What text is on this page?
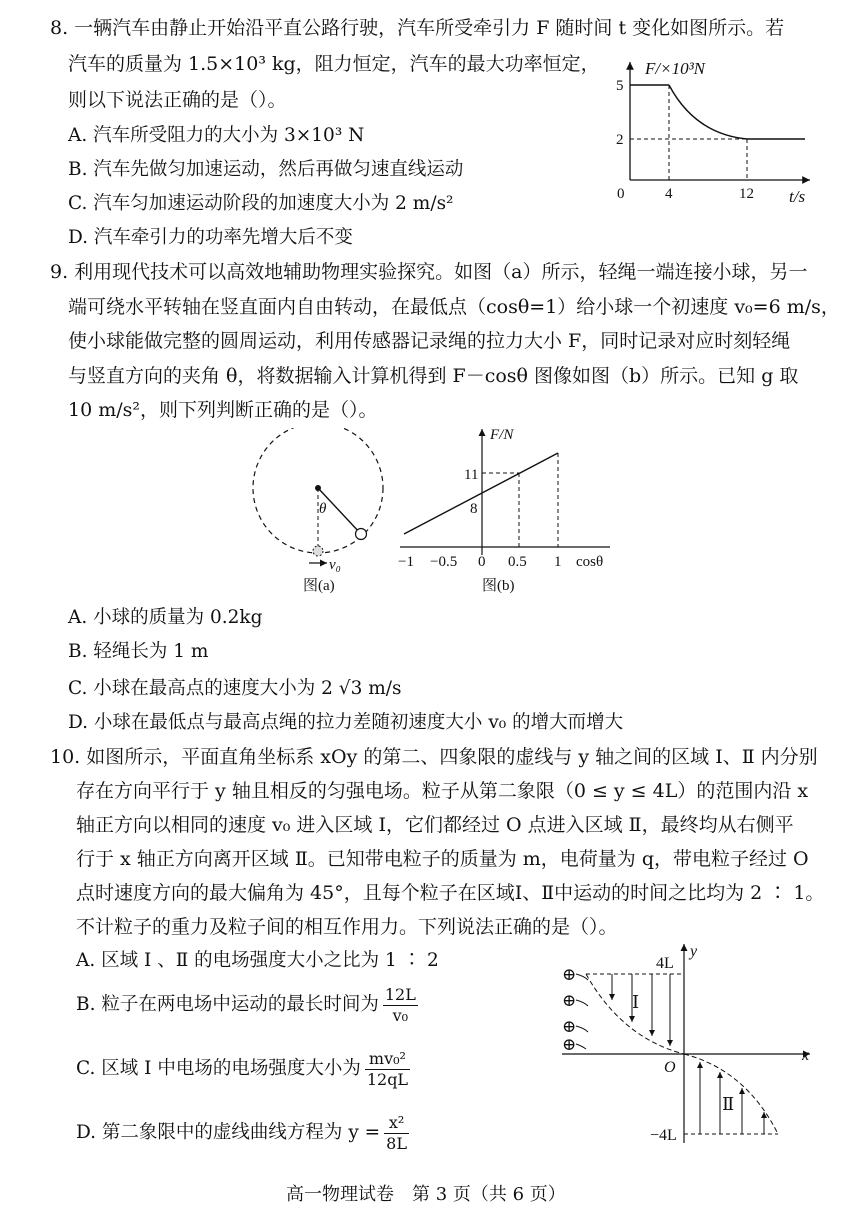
8. 一辆汽车由静止开始沿平直公路行驶，汽车所受牵引力 F 随时间 t 变化如图所示。若
汽车的质量为 1.5×10³ kg，阻力恒定，汽车的最大功率恒定，
则以下说法正确的是（）。
A. 汽车所受阻力的大小为 3×10³ N
B. 汽车先做匀加速运动，然后再做匀速直线运动
C. 汽车匀加速运动阶段的加速度大小为 2 m/s²
D. 汽车牵引力的功率先增大后不变
F/×10³N
t/s
0
5
2
4	12
9. 利用现代技术可以高效地辅助物理实验探究。如图（a）所示，轻绳一端连接小球，另一
端可绕水平转轴在竖直面内自由转动，在最低点（cosθ=1）给小球一个初速度 v₀=6 m/s，
使小球能做完整的圆周运动，利用传感器记录绳的拉力大小 F，同时记录对应时刻轻绳
与竖直方向的夹角 θ，将数据输入计算机得到 F－cosθ 图像如图（b）所示。已知 g 取
10 m/s²，则下列判断正确的是（）。
θ
v₀
图(a)
F/N
cosθ
11
8
−1 −0.5 0 0.5 1
图(b)
A. 小球的质量为 0.2kg
B. 轻绳长为 1 m
C. 小球在最高点的速度大小为 2 √3 m/s
D. 小球在最低点与最高点绳的拉力差随初速度大小 v₀ 的增大而增大
10. 如图所示，平面直角坐标系 xOy 的第二、四象限的虚线与 y 轴之间的区域 Ⅰ、Ⅱ 内分别
存在方向平行于 y 轴且相反的匀强电场。粒子从第二象限（0 ≤ y ≤ 4L）的范围内沿 x
轴正方向以相同的速度 v₀ 进入区域 Ⅰ，它们都经过 O 点进入区域 Ⅱ，最终均从右侧平
行于 x 轴正方向离开区域 Ⅱ。已知带电粒子的质量为 m，电荷量为 q，带电粒子经过 O
点时速度方向的最大偏角为 45°，且每个粒子在区域Ⅰ、Ⅱ中运动的时间之比均为 2 ∶ 1。
不计粒子的重力及粒子间的相互作用力。下列说法正确的是（）。
A. 区域 Ⅰ 、Ⅱ 的电场强度大小之比为 1 ∶ 2
B. 粒子在两电场中运动的最长时间为 $\frac{12L}{\text{v₀}}$
C. 区域 Ⅰ 中电场的电场强度大小为 $\frac{\text{mv₀²}}{12qL}$
D. 第二象限中的虚线曲线方程为 $y = \frac{\text{x²}}{8L}$
y
x
O
4L
−4L
Ⅰ
Ⅱ
⊕
⊕
⊕
⊕
高一物理试卷　第 3 页（共 6 页）
